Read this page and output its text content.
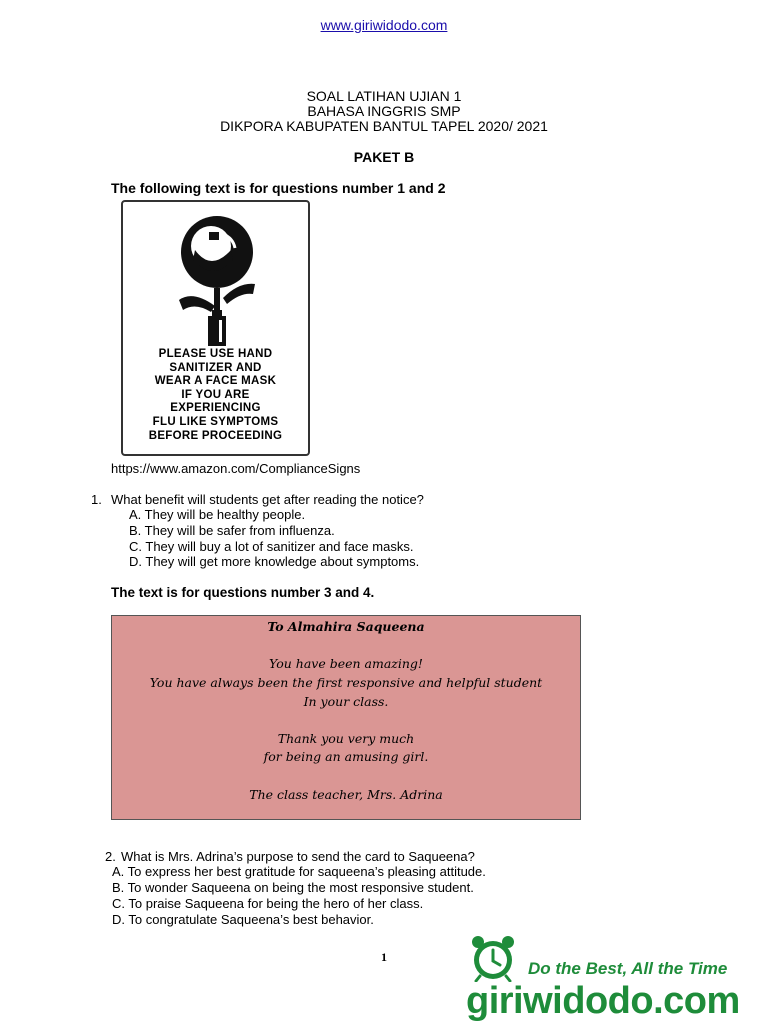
www.giriwidodo.com
SOAL LATIHAN UJIAN 1
BAHASA INGGRIS SMP
DIKPORA KABUPATEN BANTUL TAPEL 2020/ 2021
PAKET B
The following text is for questions number 1 and 2
PLEASE USE HAND
SANITIZER AND
WEAR A FACE MASK
IF YOU ARE
EXPERIENCING
FLU LIKE SYMPTOMS
BEFORE PROCEEDING
https://www.amazon.com/ComplianceSigns
1. What benefit will students get after reading the notice?
A. They will be healthy people.
B. They will be safer from influenza.
C. They will buy a lot of sanitizer and face masks.
D. They will get more knowledge about symptoms.
The text is for questions number 3 and 4.
To Almahira Saqueena
You have been amazing!
You have always been the first responsive and helpful student
In your class.
Thank you very much
for being an amusing girl.
The class teacher, Mrs. Adrina
2. What is Mrs. Adrina’s purpose to send the card to Saqueena?
A. To express her best gratitude for saqueena’s pleasing attitude.
B. To wonder Saqueena on being the most responsive student.
C. To praise Saqueena for being the hero of her class.
D. To congratulate Saqueena’s best behavior.
1
Do the Best, All the Time
giriwidodo.com
